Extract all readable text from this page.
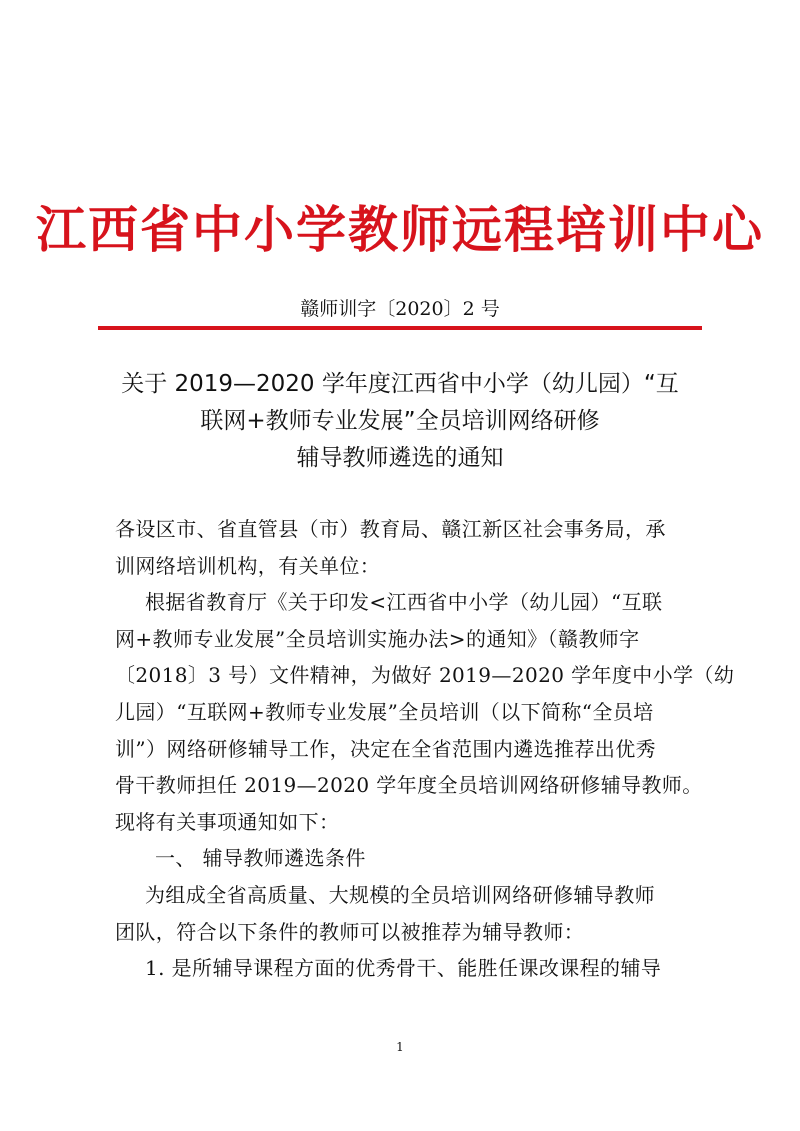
江西省中小学教师远程培训中心
赣师训字〔2020〕2 号
关于 2019—2020 学年度江西省中小学（幼儿园）“互
联网+教师专业发展”全员培训网络研修
辅导教师遴选的通知

各设区市、省直管县（市）教育局、赣江新区社会事务局，承

训网络培训机构，有关单位：

根据省教育厅《关于印发<江西省中小学（幼儿园）“互联

网+教师专业发展”全员培训实施办法>的通知》（赣教师字

〔2018〕3 号）文件精神，为做好 2019—2020 学年度中小学（幼

儿园）“互联网+教师专业发展”全员培训（以下简称“全员培

训”）网络研修辅导工作，决定在全省范围内遴选推荐出优秀

骨干教师担任 2019—2020 学年度全员培训网络研修辅导教师。

现将有关事项通知如下：

一、 辅导教师遴选条件

为组成全省高质量、大规模的全员培训网络研修辅导教师

团队，符合以下条件的教师可以被推荐为辅导教师：

1. 是所辅导课程方面的优秀骨干、能胜任课改课程的辅导

1
